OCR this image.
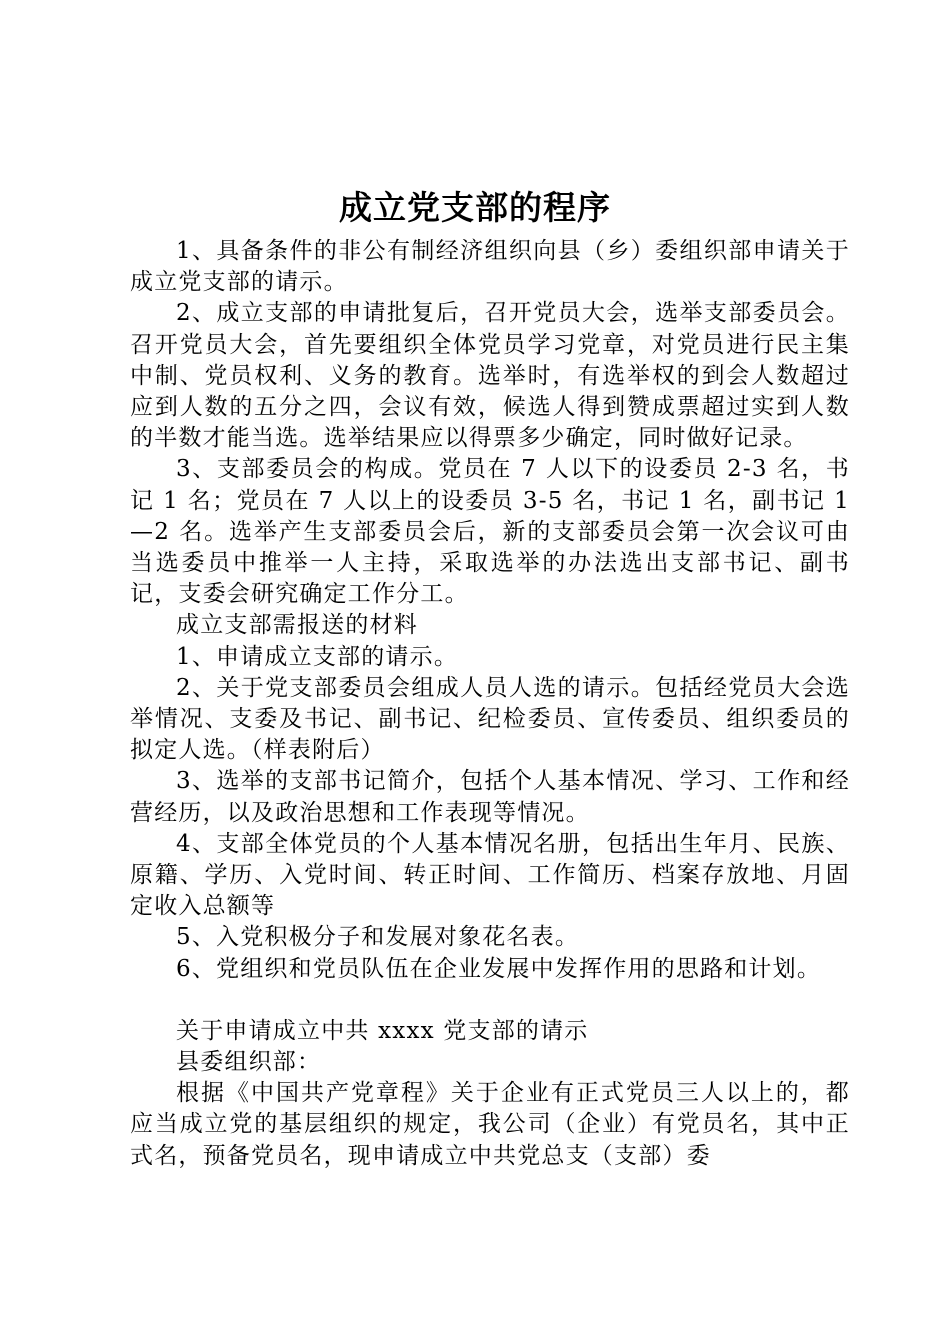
成立党支部的程序

1、具备条件的非公有制经济组织向县（乡）委组织部申请关于成立党支部的请示。

2、成立支部的申请批复后，召开党员大会，选举支部委员会。召开党员大会，首先要组织全体党员学习党章，对党员进行民主集中制、党员权利、义务的教育。选举时，有选举权的到会人数超过应到人数的五分之四，会议有效，候选人得到赞成票超过实到人数的半数才能当选。选举结果应以得票多少确定，同时做好记录。

3、支部委员会的构成。党员在 7 人以下的设委员 2-3 名，书记 1 名；党员在 7 人以上的设委员 3-5 名，书记 1 名，副书记 1—2 名。选举产生支部委员会后，新的支部委员会第一次会议可由当选委员中推举一人主持，采取选举的办法选出支部书记、副书记，支委会研究确定工作分工。

成立支部需报送的材料

1、申请成立支部的请示。

2、关于党支部委员会组成人员人选的请示。包括经党员大会选举情况、支委及书记、副书记、纪检委员、宣传委员、组织委员的拟定人选。（样表附后）

3、选举的支部书记简介，包括个人基本情况、学习、工作和经营经历，以及政治思想和工作表现等情况。

4、支部全体党员的个人基本情况名册，包括出生年月、民族、原籍、学历、入党时间、转正时间、工作简历、档案存放地、月固定收入总额等

5、入党积极分子和发展对象花名表。

6、党组织和党员队伍在企业发展中发挥作用的思路和计划。

关于申请成立中共 xxxx 党支部的请示

县委组织部：

根据《中国共产党章程》关于企业有正式党员三人以上的，都应当成立党的基层组织的规定，我公司（企业）有党员名，其中正式名，预备党员名，现申请成立中共党总支（支部）委
